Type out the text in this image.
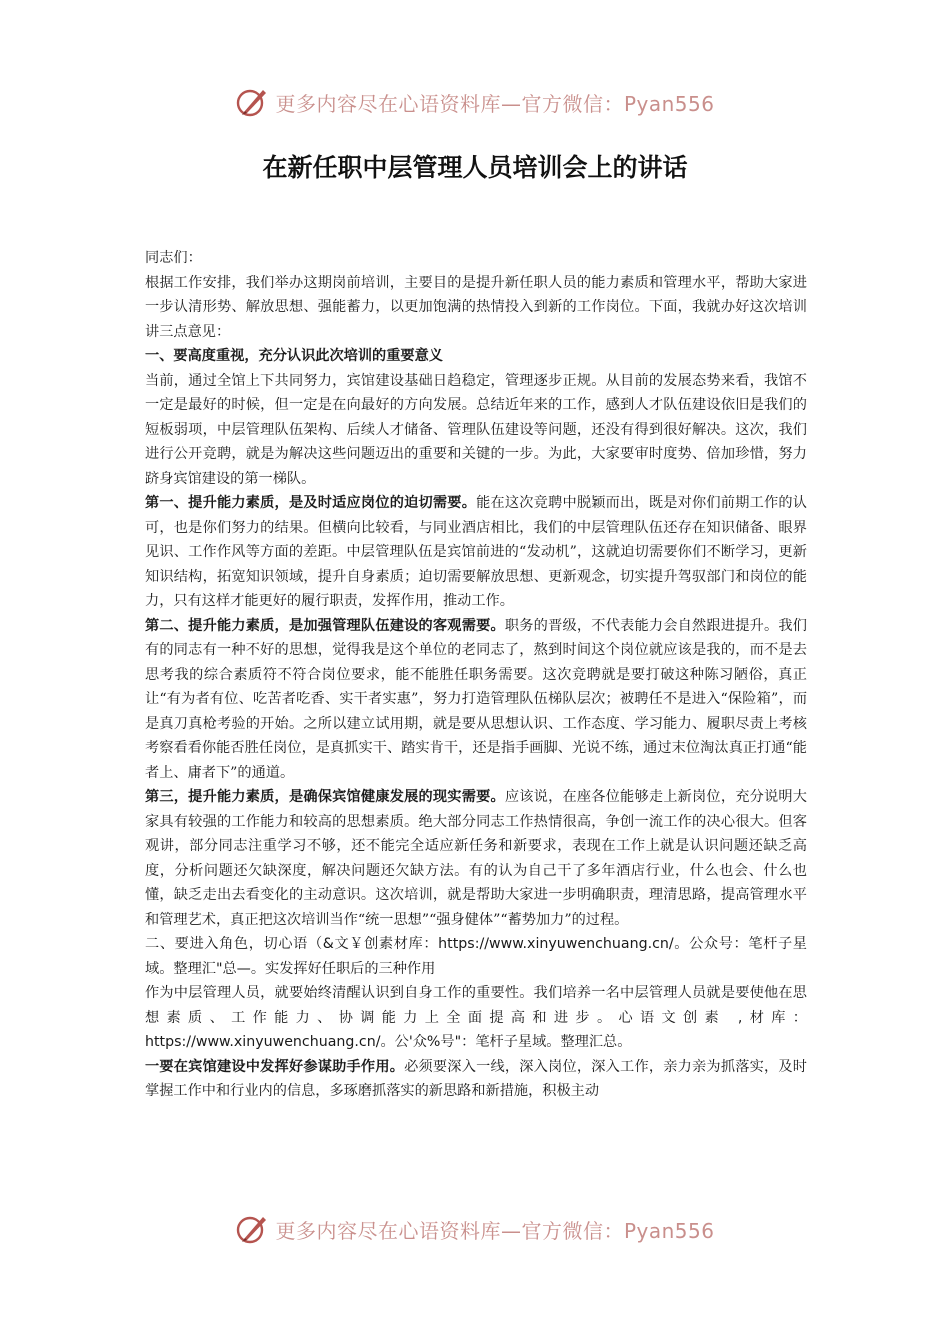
更多内容尽在心语资料库—官方微信：Pyan556
在新任职中层管理人员培训会上的讲话

同志们：

根据工作安排，我们举办这期岗前培训，主要目的是提升新任职人员的能力素质和管理水平，帮助大家进一步认清形势、解放思想、强能蓄力，以更加饱满的热情投入到新的工作岗位。下面，我就办好这次培训讲三点意见：

一、要高度重视，充分认识此次培训的重要意义

当前，通过全馆上下共同努力，宾馆建设基础日趋稳定，管理逐步正规。从目前的发展态势来看，我馆不一定是最好的时候，但一定是在向最好的方向发展。总结近年来的工作，感到人才队伍建设依旧是我们的短板弱项，中层管理队伍架构、后续人才储备、管理队伍建设等问题，还没有得到很好解决。这次，我们进行公开竞聘，就是为解决这些问题迈出的重要和关键的一步。为此，大家要审时度势、倍加珍惜，努力跻身宾馆建设的第一梯队。

第一、提升能力素质，是及时适应岗位的迫切需要。能在这次竞聘中脱颖而出，既是对你们前期工作的认可，也是你们努力的结果。但横向比较看，与同业酒店相比，我们的中层管理队伍还存在知识储备、眼界见识、工作作风等方面的差距。中层管理队伍是宾馆前进的“发动机”，这就迫切需要你们不断学习，更新知识结构，拓宽知识领域，提升自身素质；迫切需要解放思想、更新观念，切实提升驾驭部门和岗位的能力，只有这样才能更好的履行职责，发挥作用，推动工作。

第二、提升能力素质，是加强管理队伍建设的客观需要。职务的晋级，不代表能力会自然跟进提升。我们有的同志有一种不好的思想，觉得我是这个单位的老同志了，熬到时间这个岗位就应该是我的，而不是去思考我的综合素质符不符合岗位要求，能不能胜任职务需要。这次竞聘就是要打破这种陈习陋俗，真正让“有为者有位、吃苦者吃香、实干者实惠”，努力打造管理队伍梯队层次；被聘任不是进入“保险箱”，而是真刀真枪考验的开始。之所以建立试用期，就是要从思想认识、工作态度、学习能力、履职尽责上考核考察看看你能否胜任岗位，是真抓实干、踏实肯干，还是指手画脚、光说不练，通过末位淘汰真正打通“能者上、庸者下”的通道。

第三，提升能力素质，是确保宾馆健康发展的现实需要。应该说，在座各位能够走上新岗位，充分说明大家具有较强的工作能力和较高的思想素质。绝大部分同志工作热情很高，争创一流工作的决心很大。但客观讲，部分同志注重学习不够，还不能完全适应新任务和新要求，表现在工作上就是认识问题还缺乏高度，分析问题还欠缺深度，解决问题还欠缺方法。有的认为自己干了多年酒店行业，什么也会、什么也懂，缺乏走出去看变化的主动意识。这次培训，就是帮助大家进一步明确职责，理清思路，提高管理水平和管理艺术，真正把这次培训当作“统一思想”“强身健体”“蓄势加力”的过程。

二、要进入角色，切心语（&文￥创素材库：https://www.xinyuwenchuang.cn/。公众号：笔杆子星域。整理汇"总—。实发挥好任职后的三种作用

作为中层管理人员，就要始终清醒认识到自身工作的重要性。我们培养一名中层管理人员就是要使他在思想素质、工作能力、协调能力上全面提高和进步。心语文创素 ,材库：https://www.xinyuwenchuang.cn/。公'众%号"：笔杆子星域。整理汇总。

一要在宾馆建设中发挥好参谋助手作用。必须要深入一线，深入岗位，深入工作，亲力亲为抓落实，及时掌握工作中和行业内的信息，多琢磨抓落实的新思路和新措施，积极主动

更多内容尽在心语资料库—官方微信：Pyan556
